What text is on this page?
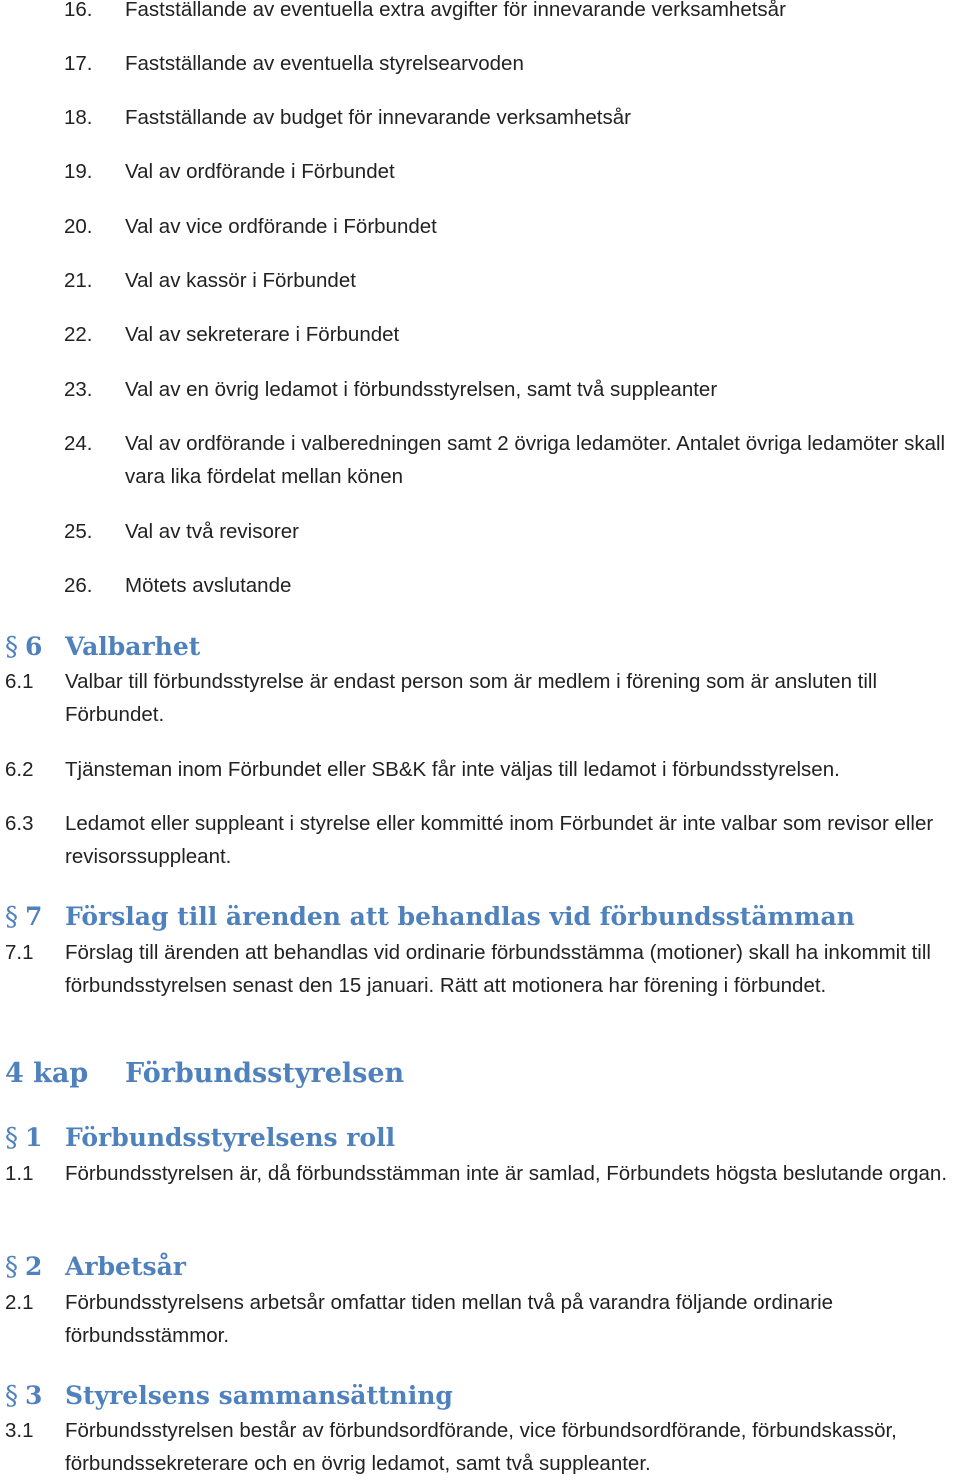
16. Fastställande av eventuella extra avgifter för innevarande verksamhetsår
17. Fastställande av eventuella styrelsearvoden
18. Fastställande av budget för innevarande verksamhetsår
19. Val av ordförande i Förbundet
20. Val av vice ordförande i Förbundet
21. Val av kassör i Förbundet
22. Val av sekreterare i Förbundet
23. Val av en övrig ledamot i förbundsstyrelsen, samt två suppleanter
24. Val av ordförande i valberedningen samt 2 övriga ledamöter. Antalet övriga ledamöter skall vara lika fördelat mellan könen
25. Val av två revisorer
26. Mötets avslutande
§ 6 Valbarhet
6.1 Valbar till förbundsstyrelse är endast person som är medlem i förening som är ansluten till Förbundet.
6.2 Tjänsteman inom Förbundet eller SB&K får inte väljas till ledamot i förbundsstyrelsen.
6.3 Ledamot eller suppleant i styrelse eller kommitté inom Förbundet är inte valbar som revisor eller revisorssuppleant.
§ 7 Förslag till ärenden att behandlas vid förbundsstämman
7.1 Förslag till ärenden att behandlas vid ordinarie förbundsstämma (motioner) skall ha inkommit till förbundsstyrelsen senast den 15 januari. Rätt att motionera har förening i förbundet.
4 kap Förbundsstyrelsen
§ 1 Förbundsstyrelsens roll
1.1 Förbundsstyrelsen är, då förbundsstämman inte är samlad, Förbundets högsta beslutande organ.
§ 2 Arbetsår
2.1 Förbundsstyrelsens arbetsår omfattar tiden mellan två på varandra följande ordinarie förbundsstämmor.
§ 3 Styrelsens sammansättning
3.1 Förbundsstyrelsen består av förbundsordförande, vice förbundsordförande, förbundskassör, förbundssekreterare och en övrig ledamot, samt två suppleanter.
